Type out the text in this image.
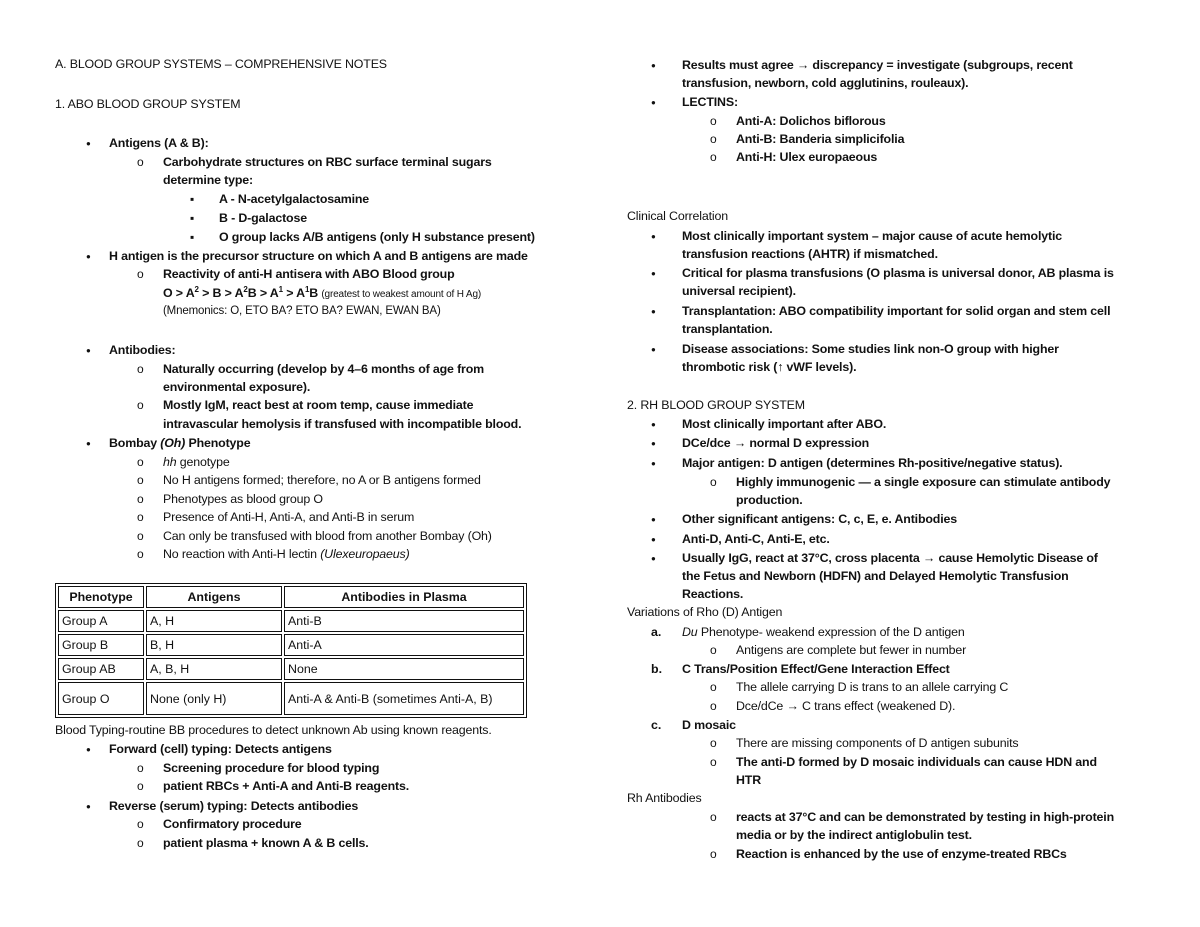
A. BLOOD GROUP SYSTEMS – COMPREHENSIVE NOTES
1. ABO BLOOD GROUP SYSTEM
●
Antigens (A & B):
o
Carbohydrate structures on RBC surface terminal sugars
determine type:
▪
A - N-acetylgalactosamine
▪
B - D-galactose
▪
O group lacks A/B antigens (only H substance present)
●
H antigen is the precursor structure on which A and B antigens are made
o
Reactivity of anti-H antisera with ABO Blood group
$O > A^2 > B > A^2B > A^1 > A^1B$ (greatest to weakest amount of H Ag)
(Mnemonics: O, ETO BA? ETO BA? EWAN, EWAN BA)
●
Antibodies:
o
Naturally occurring (develop by 4–6 months of age from
environmental exposure).
o
Mostly IgM, react best at room temp, cause immediate
intravascular hemolysis if transfused with incompatible blood.
●
Bombay (Oh) Phenotype
o
hh genotype
o
No H antigens formed; therefore, no A or B antigens formed
o
Phenotypes as blood group O
o
Presence of Anti-H, Anti-A, and Anti-B in serum
o
Can only be transfused with blood from another Bombay (Oh)
o
No reaction with Anti-H lectin (Ulexeuropaeus)
Phenotype	Antigens	Antibodies in Plasma
Group A	A, H	Anti-B
Group B	B, H	Anti-A
Group AB	A, B, H	None
Group O	None (only H)	Anti-A & Anti-B (sometimes Anti-A, B)
Blood Typing-routine BB procedures to detect unknown Ab using known reagents.
●
Forward (cell) typing: Detects antigens
o
Screening procedure for blood typing
o
patient RBCs + Anti-A and Anti-B reagents.
●
Reverse (serum) typing: Detects antibodies
o
Confirmatory procedure
o
patient plasma + known A & B cells.
●
Results must agree → discrepancy = investigate (subgroups, recent
transfusion, newborn, cold agglutinins, rouleaux).
●
LECTINS:
o
Anti-A: Dolichos biflorous
o
Anti-B: Banderia simplicifolia
o
Anti-H: Ulex europaeous
Clinical Correlation
●
Most clinically important system – major cause of acute hemolytic
transfusion reactions (AHTR) if mismatched.
●
Critical for plasma transfusions (O plasma is universal donor, AB plasma is
universal recipient).
●
Transplantation: ABO compatibility important for solid organ and stem cell
transplantation.
●
Disease associations: Some studies link non-O group with higher
thrombotic risk (↑ vWF levels).
2. RH BLOOD GROUP SYSTEM
●
Most clinically important after ABO.
●
DCe/dce → normal D expression
●
Major antigen: D antigen (determines Rh-positive/negative status).
o
Highly immunogenic — a single exposure can stimulate antibody
production.
●
Other significant antigens: C, c, E, e. Antibodies
●
Anti-D, Anti-C, Anti-E, etc.
●
Usually IgG, react at 37°C, cross placenta → cause Hemolytic Disease of
the Fetus and Newborn (HDFN) and Delayed Hemolytic Transfusion
Reactions.
Variations of Rho (D) Antigen
a. Du Phenotype- weakend expression of the D antigen
o
Antigens are complete but fewer in number
b. C Trans/Position Effect/Gene Interaction Effect
o
The allele carrying D is trans to an allele carrying C
o
Dce/dCe → C trans effect (weakened D).
c. D mosaic
o
There are missing components of D antigen subunits
o
The anti-D formed by D mosaic individuals can cause HDN and
HTR
Rh Antibodies
o
reacts at 37°C and can be demonstrated by testing in high-protein
media or by the indirect antiglobulin test.
o
Reaction is enhanced by the use of enzyme-treated RBCs
